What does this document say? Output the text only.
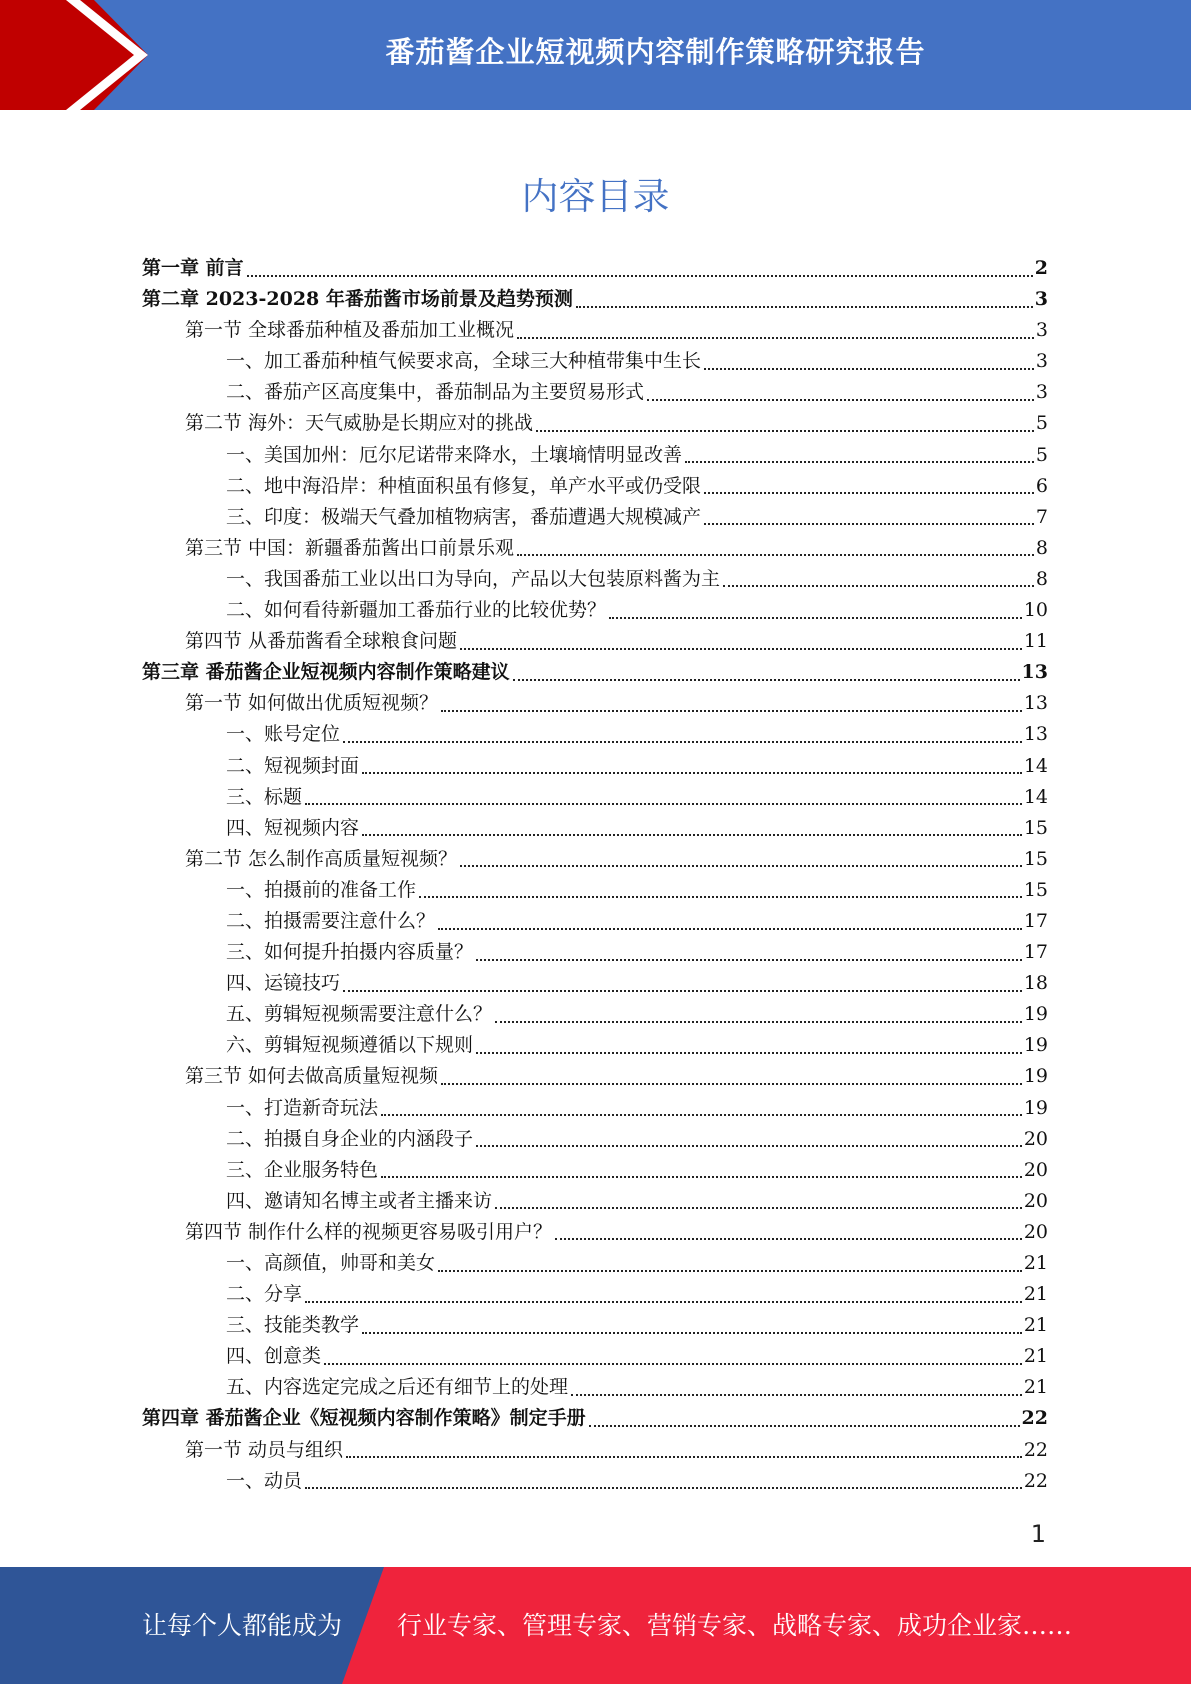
番茄酱企业短视频内容制作策略研究报告
内容目录
第一章 前言	2
第二章 2023-2028 年番茄酱市场前景及趋势预测	3
第一节 全球番茄种植及番茄加工业概况	3
一、加工番茄种植气候要求高，全球三大种植带集中生长	3
二、番茄产区高度集中，番茄制品为主要贸易形式	3
第二节 海外：天气威胁是长期应对的挑战	5
一、美国加州：厄尔尼诺带来降水，土壤墒情明显改善	5
二、地中海沿岸：种植面积虽有修复，单产水平或仍受限	6
三、印度：极端天气叠加植物病害，番茄遭遇大规模减产	7
第三节 中国：新疆番茄酱出口前景乐观	8
一、我国番茄工业以出口为导向，产品以大包装原料酱为主	8
二、如何看待新疆加工番茄行业的比较优势？	10
第四节 从番茄酱看全球粮食问题	11
第三章 番茄酱企业短视频内容制作策略建议	13
第一节 如何做出优质短视频？	13
一、账号定位	13
二、短视频封面	14
三、标题	14
四、短视频内容	15
第二节 怎么制作高质量短视频？	15
一、拍摄前的准备工作	15
二、拍摄需要注意什么？	17
三、如何提升拍摄内容质量？	17
四、运镜技巧	18
五、剪辑短视频需要注意什么？	19
六、剪辑短视频遵循以下规则	19
第三节 如何去做高质量短视频	19
一、打造新奇玩法	19
二、拍摄自身企业的内涵段子	20
三、企业服务特色	20
四、邀请知名博主或者主播来访	20
第四节 制作什么样的视频更容易吸引用户？	20
一、高颜值，帅哥和美女	21
二、分享	21
三、技能类教学	21
四、创意类	21
五、内容选定完成之后还有细节上的处理	21
第四章 番茄酱企业《短视频内容制作策略》制定手册	22
第一节 动员与组织	22
一、动员	22
1
让每个人都能成为 行业专家、管理专家、营销专家、战略专家、成功企业家……
